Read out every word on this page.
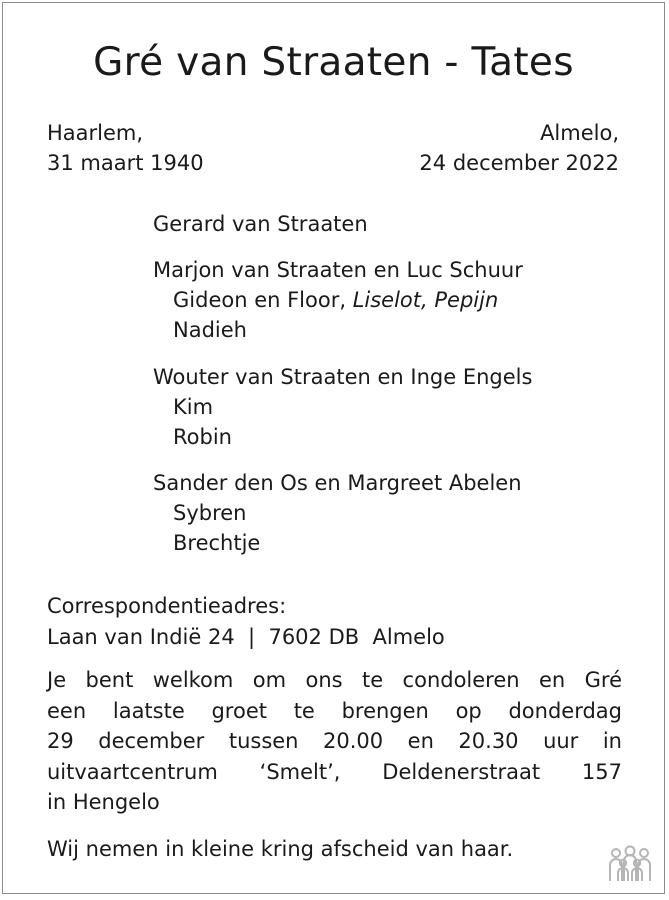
Gré van Straaten - Tates
Haarlem,
31 maart 1940
Almelo,
24 december 2022
Gerard van Straaten
Marjon van Straaten en Luc Schuur
Gideon en Floor, Liselot, Pepijn
Nadieh
Wouter van Straaten en Inge Engels
Kim
Robin
Sander den Os en Margreet Abelen
Sybren
Brechtje
Correspondentieadres:
Laan van Indië 24  |  7602 DB  Almelo
Je bent welkom om ons te condoleren en Gré
een laatste groet te brengen op donderdag
29 december tussen 20.00 en 20.30 uur in
uitvaartcentrum ‘Smelt’, Deldenerstraat 157
in Hengelo
Wij nemen in kleine kring afscheid van haar.
